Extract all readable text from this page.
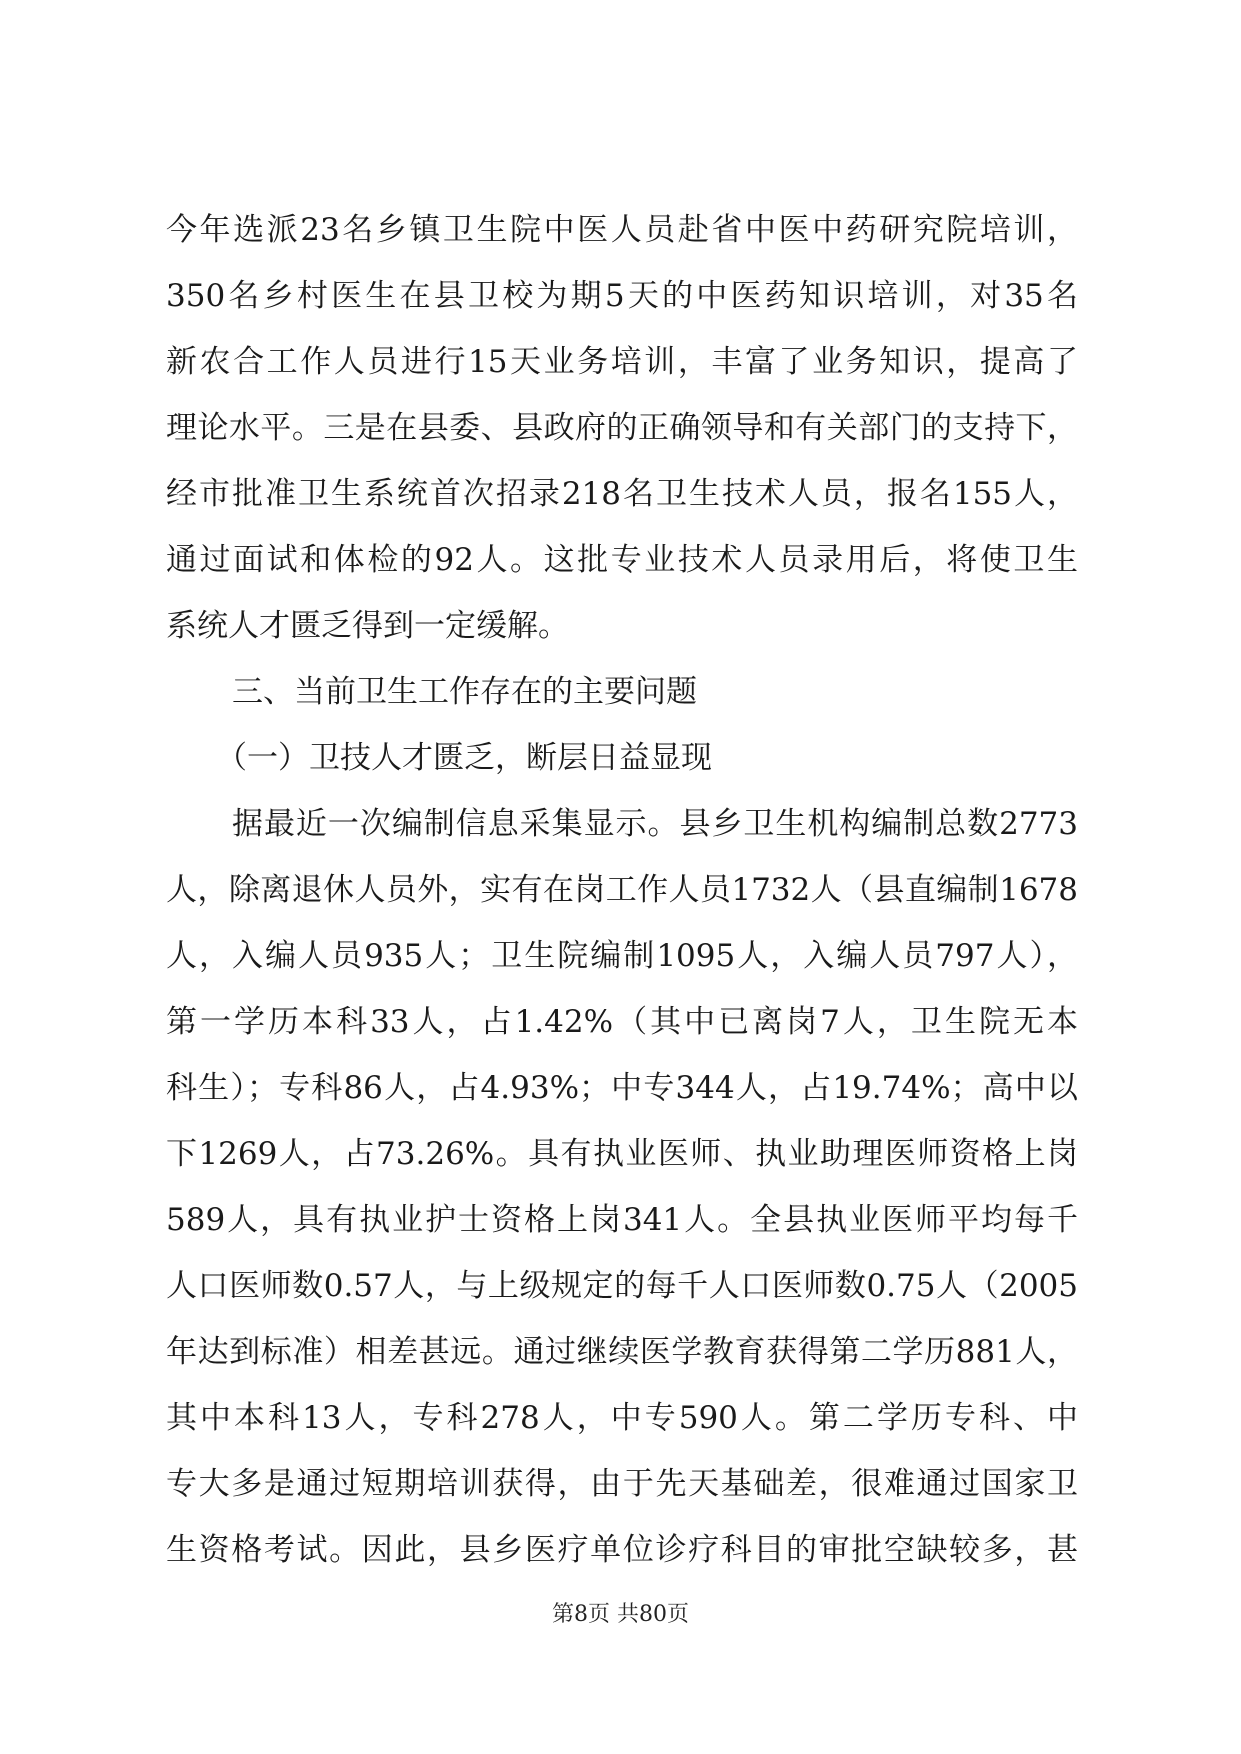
今年选派23名乡镇卫生院中医人员赴省中医中药研究院培训，
350名乡村医生在县卫校为期5天的中医药知识培训，对35名
新农合工作人员进行15天业务培训，丰富了业务知识，提高了
理论水平。三是在县委、县政府的正确领导和有关部门的支持下，
经市批准卫生系统首次招录218名卫生技术人员，报名155人，
通过面试和体检的92人。这批专业技术人员录用后，将使卫生
系统人才匮乏得到一定缓解。
三、当前卫生工作存在的主要问题
（一）卫技人才匮乏，断层日益显现
据最近一次编制信息采集显示。县乡卫生机构编制总数2773
人，除离退休人员外，实有在岗工作人员1732人（县直编制1678
人，入编人员935人；卫生院编制1095人，入编人员797人），
第一学历本科33人，占1.42%（其中已离岗7人，卫生院无本
科生）；专科86人，占4.93%；中专344人，占19.74%；高中以
下1269人，占73.26%。具有执业医师、执业助理医师资格上岗
589人，具有执业护士资格上岗341人。全县执业医师平均每千
人口医师数0.57人，与上级规定的每千人口医师数0.75人（2005
年达到标准）相差甚远。通过继续医学教育获得第二学历881人，
其中本科13人，专科278人，中专590人。第二学历专科、中
专大多是通过短期培训获得，由于先天基础差，很难通过国家卫
生资格考试。因此，县乡医疗单位诊疗科目的审批空缺较多，甚
第8页 共80页
